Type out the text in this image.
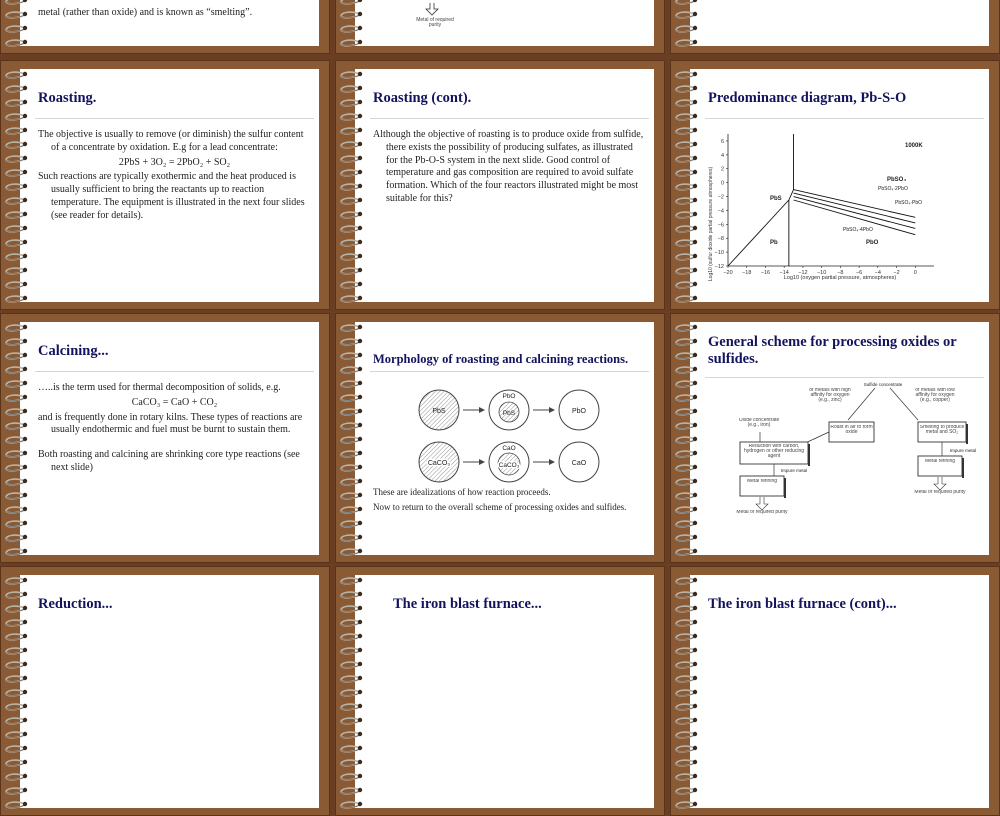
metal (rather than oxide) and is known as “smelting”.

Metal of required purity
Roasting.

The objective is usually to remove (or diminish) the sulfur content of a concentrate by oxidation. E.g for a lead concentrate:

2PbS + 3O₂ = 2PbO₂ + SO₂

Such reactions are typically exothermic and the heat produced is usually sufficient to bring the reactants up to reaction temperature. The equipment is illustrated in the next four slides (see reader for details).

Roasting (cont).

Although the objective of roasting is to produce oxide from sulfide, there exists the possibility of producing sulfates, as illustrated for the Pb-O-S system in the next slide. Good control of temperature and gas composition are required to avoid sulfate formation. Which of the four reactors illustrated might be most suitable for this?

Predominance diagram, Pb-S-O
1000K
Log10 (sulfur dioxide partial pressure atmospheres)	Log10 (oxygen partial pressure, atmospheres)
PbS
Pb	PbO
PbSO₄
PbSO₄·2PbO
PbSO₄·PbO
PbSO₄·4PbO
−20 −18 −16 −14 −12 −10 −8 −6 −4 −2	0
6
4
2
0
−2
−4
−6
−8
−10
−12
Calcining...

…..is the term used for thermal decomposition of solids, e.g.

CaCO₃ = CaO + CO₂

and is frequently done in rotary kilns. These types of reactions are usually endothermic and fuel must be burnt to sustain them.

Both roasting and calcining are shrinking core type reactions (see next slide)

Morphology of roasting and calcining reactions.
PbS
PbO
PbS	PbO
CaCO₃
CaO
CaCO₃	CaO

These are idealizations of how reaction proceeds.

Now to return to the overall scheme of processing oxides and sulfides.

General scheme for processing oxides or sulfides.
Sulfide concentrate
of metals with high affinity for oxygen (e.g., zinc)
of metals with low affinity for oxygen (e.g., copper)
Oxide concentrate (e.g., iron)	Roast in air to form oxide
Reduction with carbon, hydrogen or other reducing agent
Smelting to produce metal and SO₂
Impure metal
Impure metal
Metal refining
Metal refining
Metal of required purity
Metal of required purity
Reduction...	The iron blast furnace...	The iron blast furnace (cont)...
